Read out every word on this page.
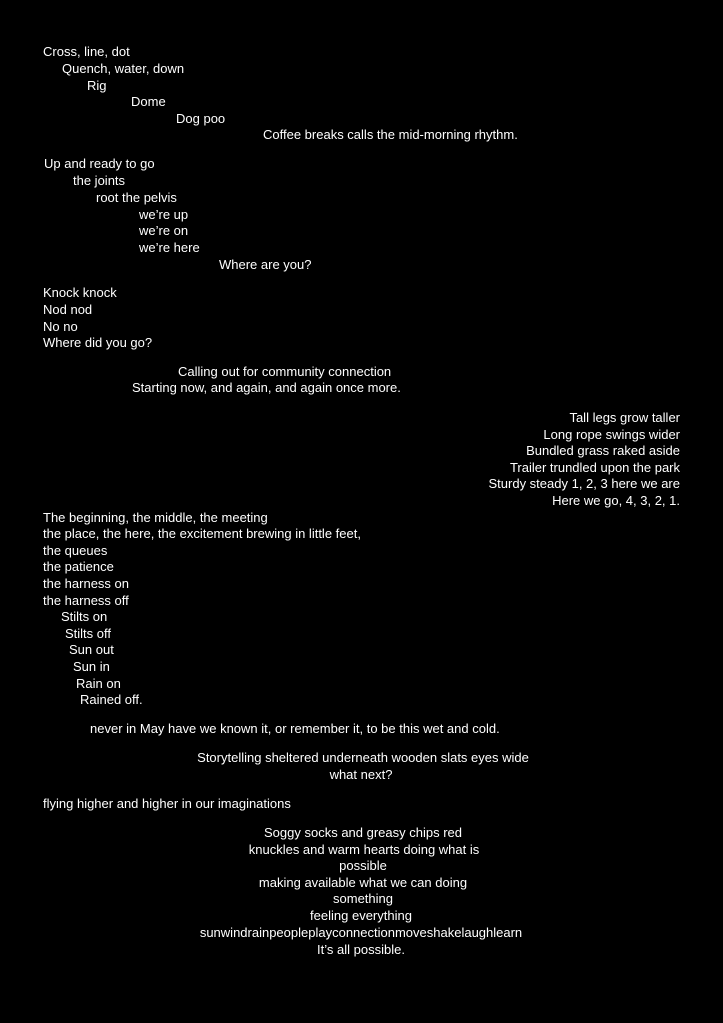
Cross, line, dot
Quench, water, down
Rig
Dome
Dog poo
Coffee breaks calls the mid-morning rhythm.
Up and ready to go
the joints
root the pelvis
we’re up
we’re on
we’re here
Where are you?
Knock knock
Nod nod
No no
Where did you go?
Calling out for community connection
Starting now, and again, and again once more.
Tall legs grow taller
Long rope swings wider
Bundled grass raked aside
Trailer trundled upon the park
Sturdy steady 1, 2, 3 here we are
Here we go, 4, 3, 2, 1.
The beginning, the middle, the meeting
the place, the here, the excitement brewing in little feet,
the queues
the patience
the harness on
the harness off
Stilts on
Stilts off
Sun out
Sun in
Rain on
Rained off.
never in May have we known it, or remember it, to be this wet and cold.
Storytelling sheltered underneath wooden slats eyes wide
what next?
flying higher and higher in our imaginations
Soggy socks and greasy chips red
knuckles and warm hearts doing what is
possible
making available what we can doing
something
feeling everything
sunwindrainpeopleplayconnectionmoveshakelaughlearn
It’s all possible.
